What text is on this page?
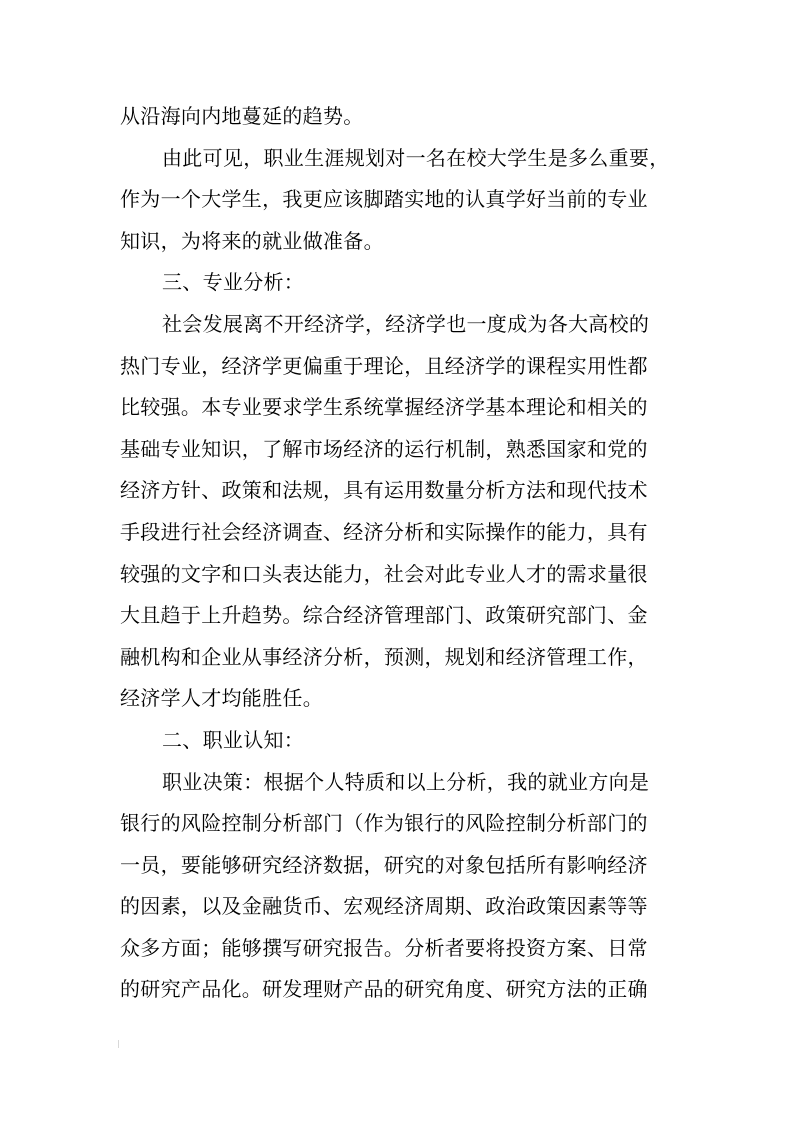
从沿海向内地蔓延的趋势。
由此可见，职业生涯规划对一名在校大学生是多么重要，
作为一个大学生，我更应该脚踏实地的认真学好当前的专业
知识，为将来的就业做准备。
三、专业分析：
社会发展离不开经济学，经济学也一度成为各大高校的
热门专业，经济学更偏重于理论，且经济学的课程实用性都
比较强。本专业要求学生系统掌握经济学基本理论和相关的
基础专业知识，了解市场经济的运行机制，熟悉国家和党的
经济方针、政策和法规，具有运用数量分析方法和现代技术
手段进行社会经济调查、经济分析和实际操作的能力，具有
较强的文字和口头表达能力，社会对此专业人才的需求量很
大且趋于上升趋势。综合经济管理部门、政策研究部门、金
融机构和企业从事经济分析，预测，规划和经济管理工作，
经济学人才均能胜任。
二、职业认知：
职业决策：根据个人特质和以上分析，我的就业方向是
银行的风险控制分析部门（作为银行的风险控制分析部门的
一员，要能够研究经济数据，研究的对象包括所有影响经济
的因素，以及金融货币、宏观经济周期、政治政策因素等等
众多方面；能够撰写研究报告。分析者要将投资方案、日常
的研究产品化。研发理财产品的研究角度、研究方法的正确
